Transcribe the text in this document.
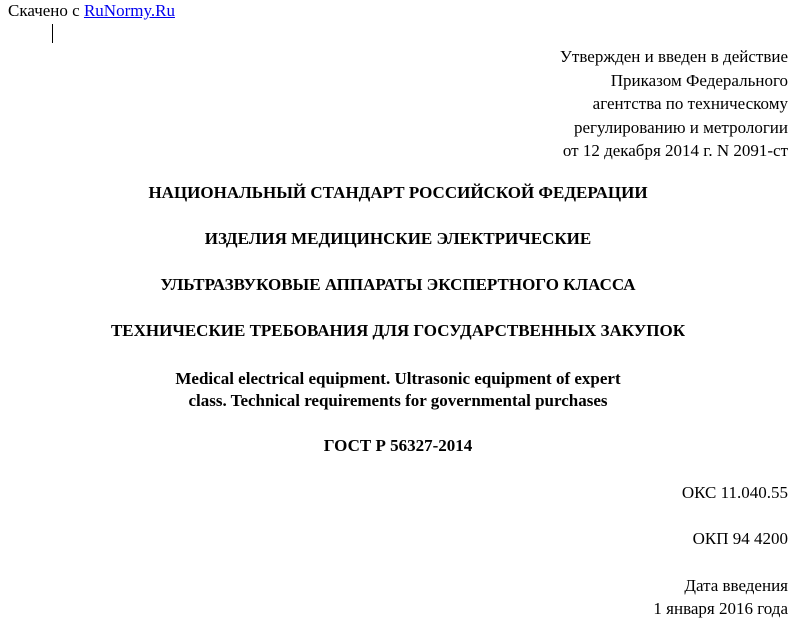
Скачено с RuNormy.Ru
Утвержден и введен в действие
Приказом Федерального
агентства по техническому
регулированию и метрологии
от 12 декабря 2014 г. N 2091-ст
НАЦИОНАЛЬНЫЙ СТАНДАРТ РОССИЙСКОЙ ФЕДЕРАЦИИ
ИЗДЕЛИЯ МЕДИЦИНСКИЕ ЭЛЕКТРИЧЕСКИЕ
УЛЬТРАЗВУКОВЫЕ АППАРАТЫ ЭКСПЕРТНОГО КЛАССА
ТЕХНИЧЕСКИЕ ТРЕБОВАНИЯ ДЛЯ ГОСУДАРСТВЕННЫХ ЗАКУПОК
Medical electrical equipment. Ultrasonic equipment of expert
class. Technical requirements for governmental purchases
ГОСТ Р 56327-2014
ОКС 11.040.55
ОКП 94 4200
Дата введения
1 января 2016 года
